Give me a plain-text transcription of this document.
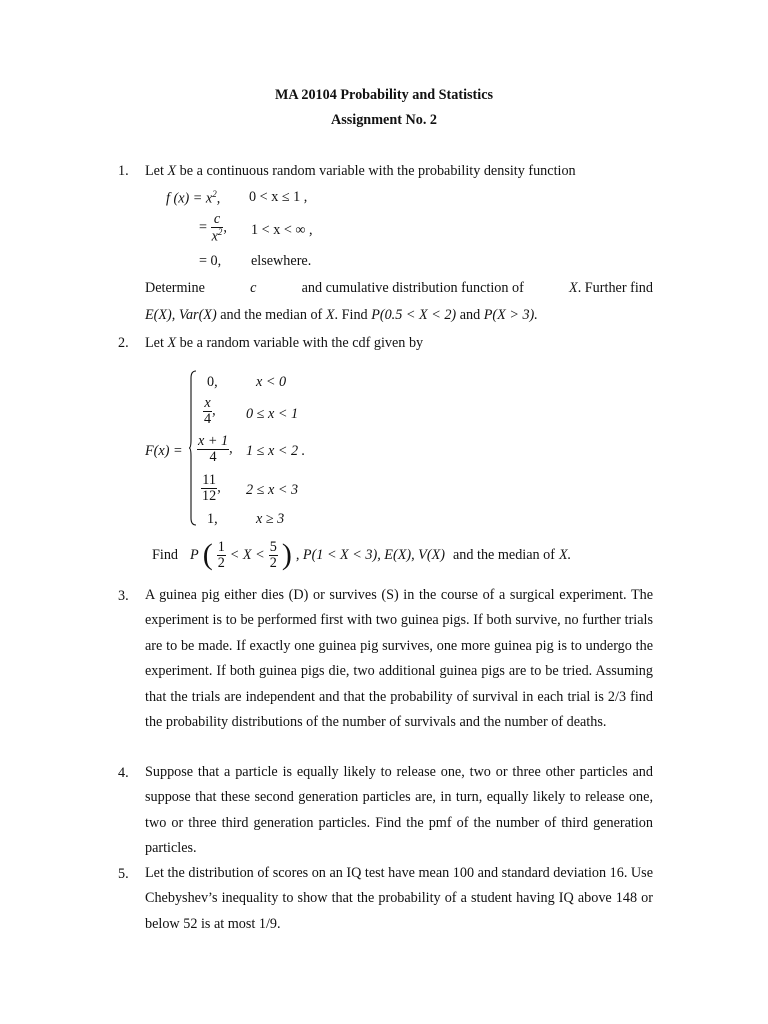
MA 20104 Probability and Statistics
Assignment No. 2
1. Let X be a continuous random variable with the probability density function
f $(x) = x^2$, 0 < x ≤ 1 ,
= $\frac{c}{x^2}$ , 1 < x < ∞ ,
= 0, elsewhere.
Determine	c	and cumulative distribution function of	X. Further find
E(X), Var(X) and the median of X. Find P(0.5 < X < 2) and P(X > 3).
2. Let X be a random variable with the cdf given by
F(x) =
0,	x < 0
$\frac{x}{4}$ , 0 ≤ x < 1
$\frac{x + 1}{4}$ , 1 ≤ x < 2 .
$\frac{11}{12}$ , 2 ≤ x < 3
1,	x ≥ 3
Find P ( $\frac{1}{2} < X < \frac{5}{2}$ ) , P(1 < X < 3), E(X), V(X) and the median of X.
3. A guinea pig either dies (D) or survives (S) in the course of a surgical experiment. The experiment is to be performed first with two guinea pigs. If both survive, no further trials are to be made. If exactly one guinea pig survives, one more guinea pig is to undergo the experiment. If both guinea pigs die, two additional guinea pigs are to be tried. Assuming that the trials are independent and that the probability of survival in each trial is 2/3 find the probability distributions of the number of survivals and the number of deaths.
4. Suppose that a particle is equally likely to release one, two or three other particles and suppose that these second generation particles are, in turn, equally likely to release one, two or three third generation particles. Find the pmf of the number of third generation particles.
5. Let the distribution of scores on an IQ test have mean 100 and standard deviation 16. Use Chebyshev’s inequality to show that the probability of a student having IQ above 148 or below 52 is at most 1/9.
